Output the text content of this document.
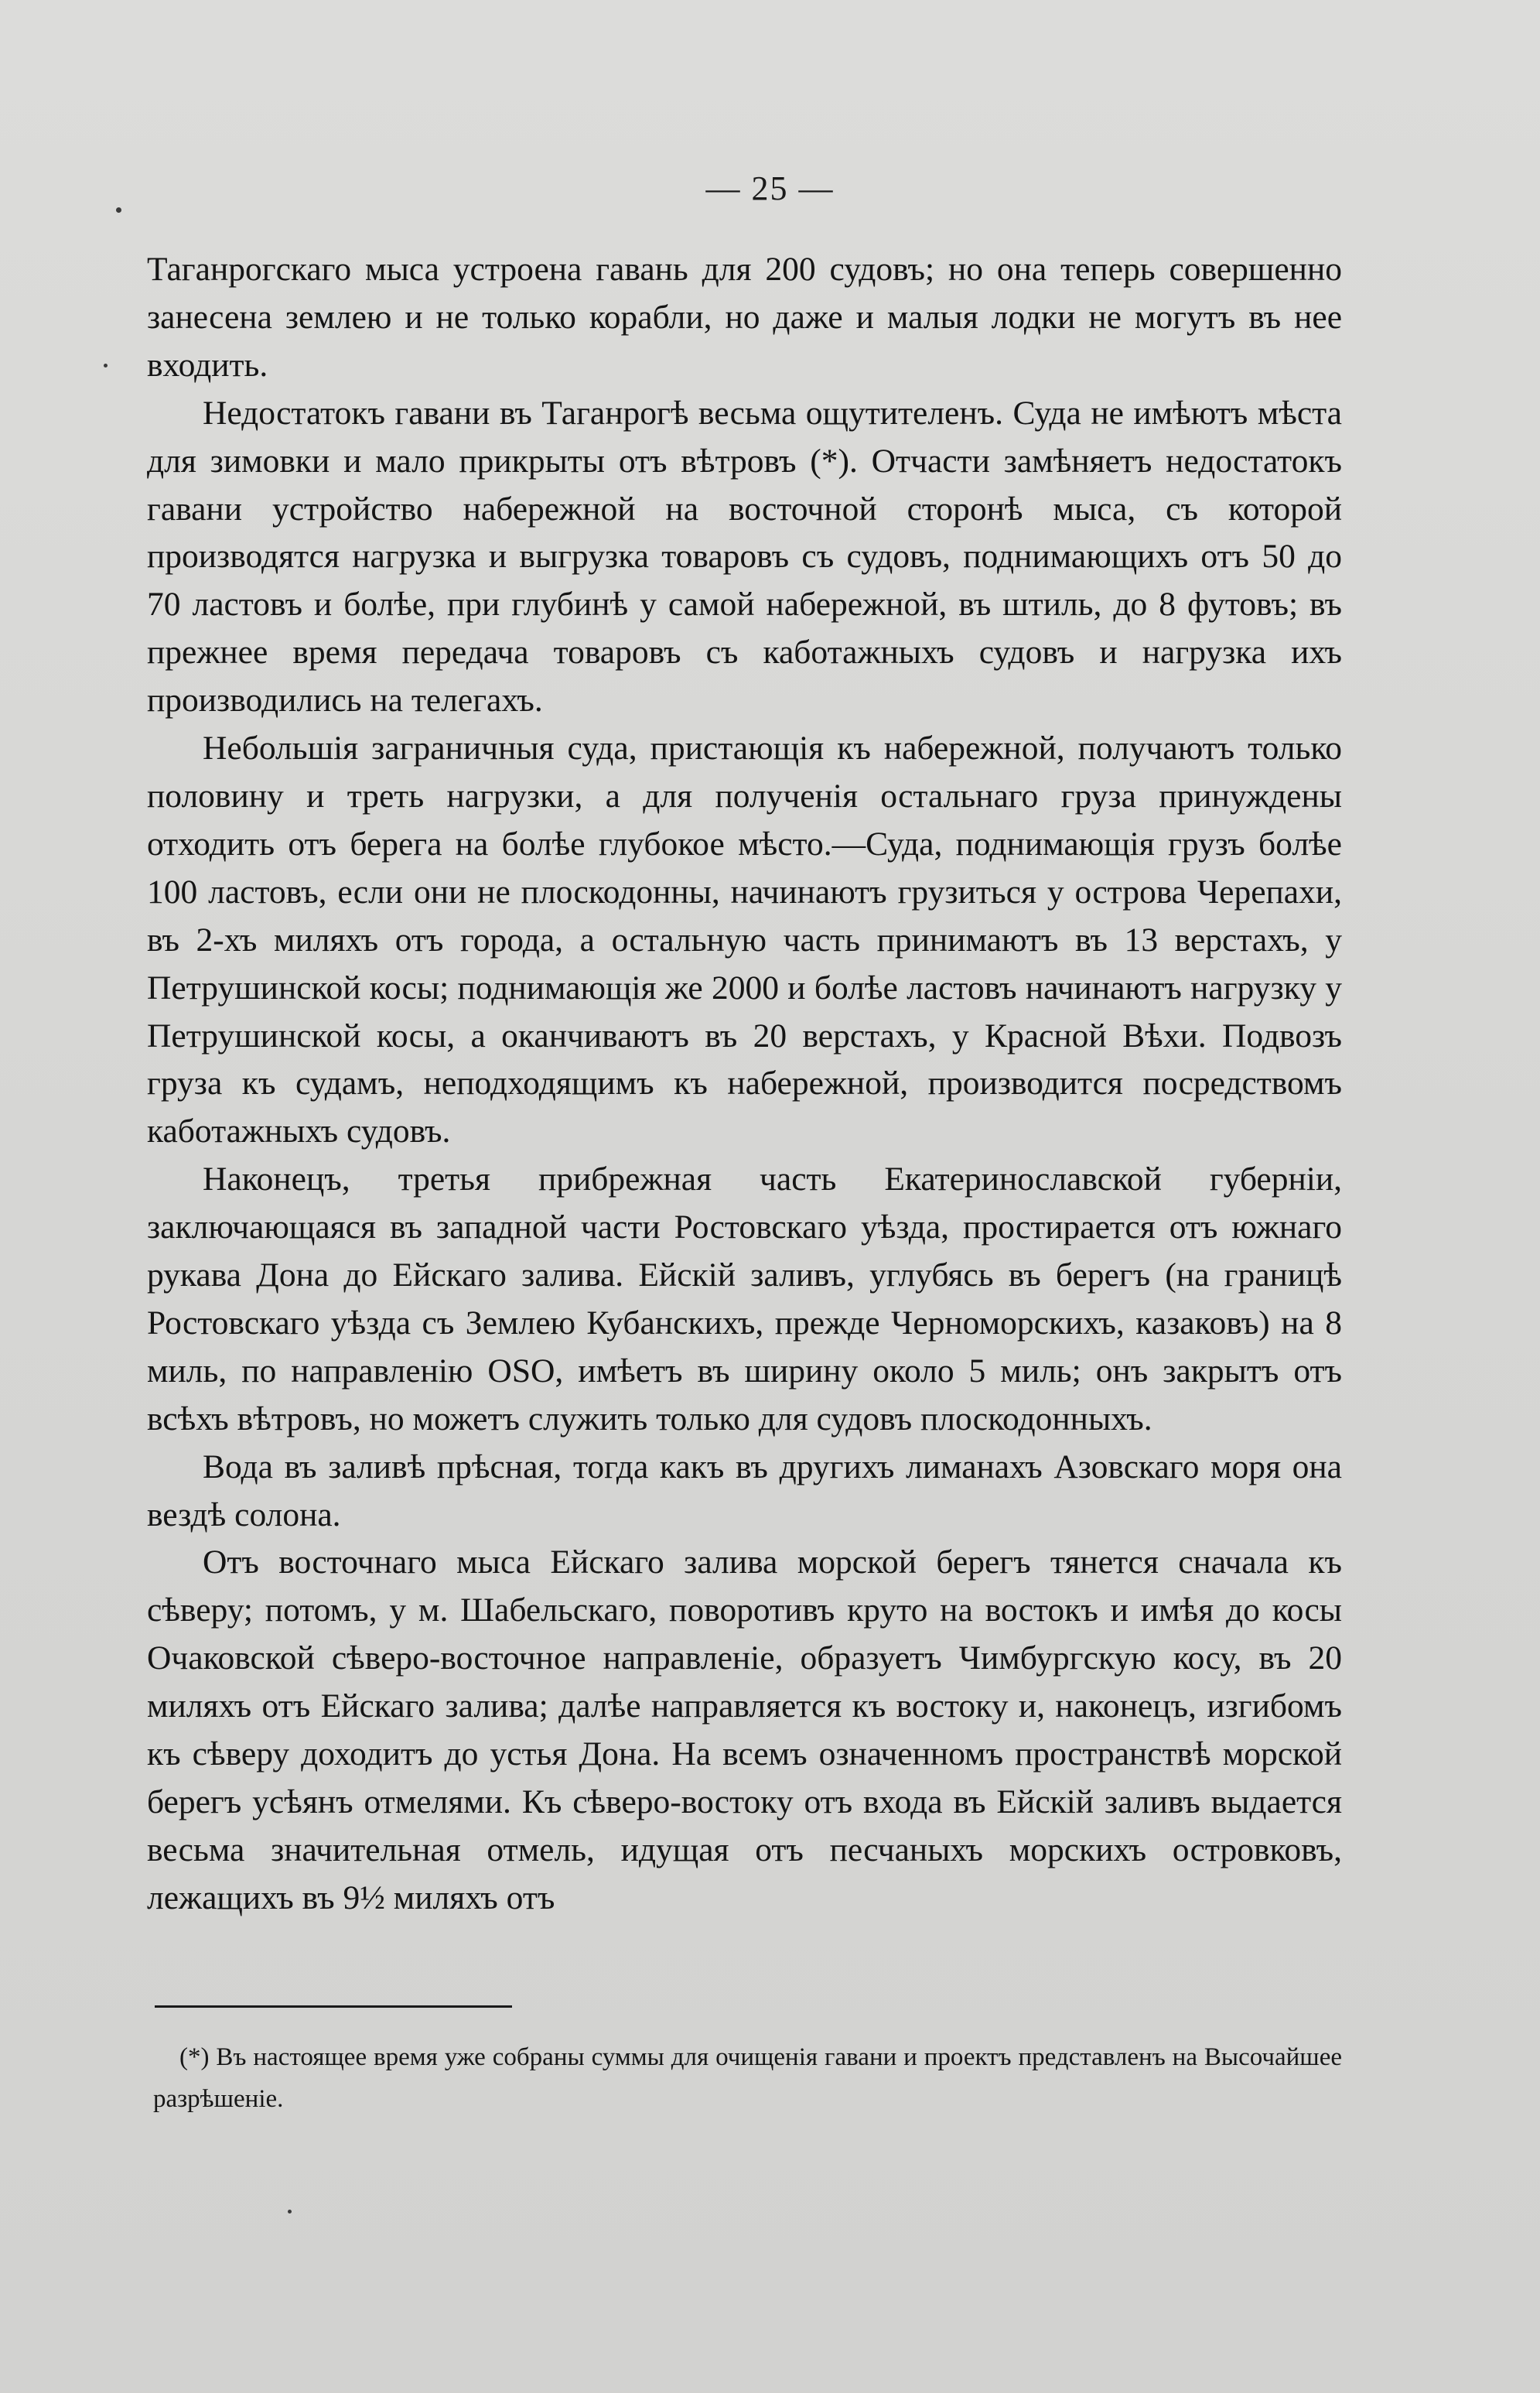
— 25 —

Таганрогскаго мыса устроена гавань для 200 судовъ; но она теперь совершенно занесена землею и не только корабли, но даже и малыя лодки не могутъ въ нее входить.

Недостатокъ гавани въ Таганрогѣ весьма ощутителенъ. Суда не имѣютъ мѣста для зимовки и мало прикрыты отъ вѣтровъ (*). Отчасти замѣняетъ недостатокъ гавани устройство набережной на восточной сторонѣ мыса, съ которой производятся нагрузка и выгрузка товаровъ съ судовъ, поднимающихъ отъ 50 до 70 ластовъ и болѣе, при глубинѣ у самой набережной, въ штиль, до 8 футовъ; въ прежнее время передача товаровъ съ каботажныхъ судовъ и нагрузка ихъ производились на телегахъ.

Небольшія заграничныя суда, пристающія къ набережной, получаютъ только половину и треть нагрузки, а для полученія остальнаго груза принуждены отходить отъ берега на болѣе глубокое мѣсто.—Суда, поднимающія грузъ болѣе 100 ластовъ, если они не плоскодонны, начинаютъ грузиться у острова Черепахи, въ 2-хъ миляхъ отъ города, а остальную часть принимаютъ въ 13 верстахъ, у Петрушинской косы; поднимающія же 2000 и болѣе ластовъ начинаютъ нагрузку у Петрушинской косы, а оканчиваютъ въ 20 верстахъ, у Красной Вѣхи. Подвозъ груза къ судамъ, неподходящимъ къ набережной, производится посредствомъ каботажныхъ судовъ.

Наконецъ, третья прибрежная часть Екатеринославской губерніи, заключающаяся въ западной части Ростовскаго уѣзда, простирается отъ южнаго рукава Дона до Ейскаго залива. Ейскій заливъ, углубясь въ берегъ (на границѣ Ростовскаго уѣзда съ Землею Кубанскихъ, прежде Черноморскихъ, казаковъ) на 8 миль, по направленію OSO, имѣетъ въ ширину около 5 миль; онъ закрытъ отъ всѣхъ вѣтровъ, но можетъ служить только для судовъ плоскодонныхъ.

Вода въ заливѣ прѣсная, тогда какъ въ другихъ лиманахъ Азовскаго моря она вездѣ солона.

Отъ восточнаго мыса Ейскаго залива морской берегъ тянется сначала къ сѣверу; потомъ, у м. Шабельскаго, поворотивъ круто на востокъ и имѣя до косы Очаковской сѣверо-восточное направленіе, образуетъ Чимбургскую косу, въ 20 миляхъ отъ Ейскаго залива; далѣе направляется къ востоку и, наконецъ, изгибомъ къ сѣверу доходитъ до устья Дона. На всемъ означенномъ пространствѣ морской берегъ усѣянъ отмелями. Къ сѣверо-востоку отъ входа въ Ейскій заливъ выдается весьма значительная отмель, идущая отъ песчаныхъ морскихъ островковъ, лежащихъ въ 9½ миляхъ отъ

(*) Въ настоящее время уже собраны суммы для очищенія гавани и проектъ представленъ на Высочайшее разрѣшеніе.
